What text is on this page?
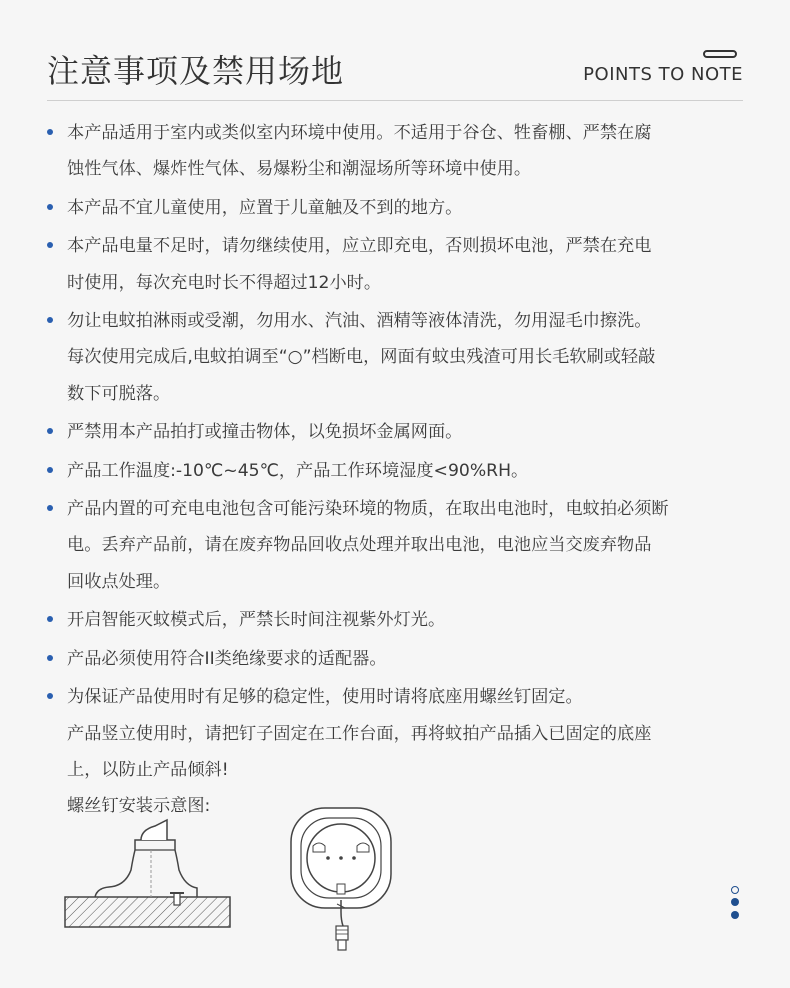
注意事项及禁用场地	POINTS TO NOTE
本产品适用于室内或类似室内环境中使用。不适用于谷仓、牲畜棚、严禁在腐
蚀性气体、爆炸性气体、易爆粉尘和潮湿场所等环境中使用。
本产品不宜儿童使用，应置于儿童触及不到的地方。
本产品电量不足时，请勿继续使用，应立即充电，否则损坏电池，严禁在充电
时使用，每次充电时长不得超过12小时。
勿让电蚊拍淋雨或受潮，勿用水、汽油、酒精等液体清洗，勿用湿毛巾擦洗。
每次使用完成后,电蚊拍调至“○”档断电，网面有蚊虫残渣可用长毛软刷或轻敲
数下可脱落。
严禁用本产品拍打或撞击物体，以免损坏金属网面。
产品工作温度:-10℃~45℃，产品工作环境湿度<90%RH。
产品内置的可充电电池包含可能污染环境的物质，在取出电池时，电蚊拍必须断
电。丢弃产品前，请在废弃物品回收点处理并取出电池，电池应当交废弃物品
回收点处理。
开启智能灭蚊模式后，严禁长时间注视紫外灯光。
产品必须使用符合II类绝缘要求的适配器。
为保证产品使用时有足够的稳定性，使用时请将底座用螺丝钉固定。
产品竖立使用时，请把钉子固定在工作台面，再将蚊拍产品插入已固定的底座
上，以防止产品倾斜!
螺丝钉安装示意图:
